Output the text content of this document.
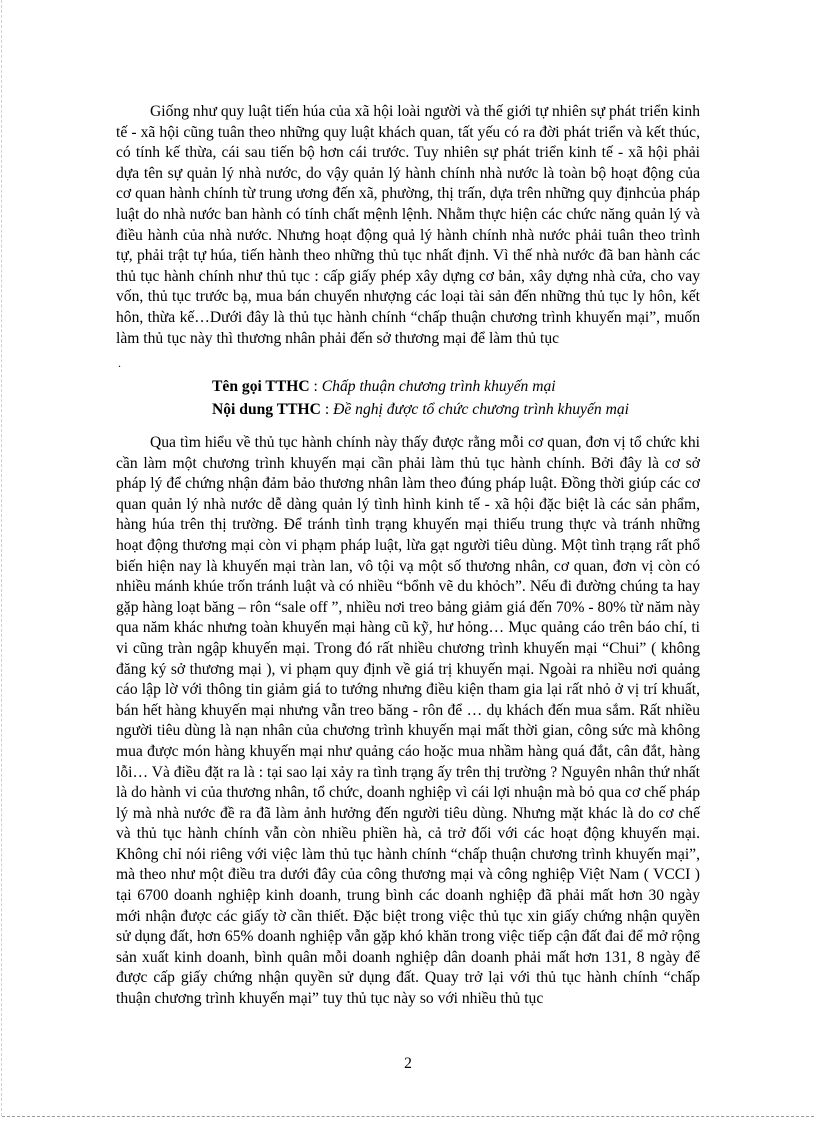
Giống như quy luật tiến húa của xã hội loài người và thế giới tự nhiên sự phát triển kinh tế - xã hội cũng tuân theo những quy luật khách quan, tất yếu có ra đời phát triển và kết thúc, có tính kế thừa, cái sau tiến bộ hơn cái trước. Tuy nhiên sự phát triển kinh tế - xã hội phải dựa tên sự quản lý nhà nước, do vậy quản lý hành chính nhà nước là toàn bộ hoạt động của cơ quan hành chính từ trung ương đến xã, phường, thị trấn, dựa trên những quy địnhcủa pháp luật do nhà nước ban hành có tính chất mệnh lệnh. Nhằm thực hiện các chức năng quản lý và điều hành của nhà nước. Nhưng hoạt động quả lý hành chính nhà nước phải tuân theo trình tự, phải trật tự húa, tiến hành theo những thủ tục nhất định. Vì thế nhà nước đã ban hành các thủ tục hành chính như thủ tục : cấp giấy phép xây dựng cơ bản, xây dựng nhà cửa, cho vay vốn, thủ tục trước bạ, mua bán chuyển nhượng các loại tài sản đến những thủ tục ly hôn, kết hôn, thừa kế…Dưới đây là thủ tục hành chính “chấp thuận chương trình khuyến mại”, muốn làm thủ tục này thì thương nhân phải đến sở thương mại để làm thủ tục

.
Tên gọi TTHC : Chấp thuận chương trình khuyến mại
Nội dung TTHC : Đề nghị được tổ chức chương trình khuyến mại

Qua tìm hiểu về thủ tục hành chính này thấy được rằng mỗi cơ quan, đơn vị tổ chức khi cần làm một chương trình khuyến mại cần phải làm thủ tục hành chính. Bởi đây là cơ sở pháp lý để chứng nhận đảm bảo thương nhân làm theo đúng pháp luật. Đồng thời giúp các cơ quan quản lý nhà nước dễ dàng quản lý tình hình kinh tế - xã hội đặc biệt là các sản phẩm, hàng húa trên thị trường. Để tránh tình trạng khuyến mại thiếu trung thực và tránh những hoạt động thương mại còn vi phạm pháp luật, lừa gạt người tiêu dùng. Một tình trạng rất phổ biến hiện nay là khuyến mại tràn lan, vô tội vạ một số thương nhân, cơ quan, đơn vị còn có nhiều mánh khúe trốn tránh luật và có nhiều “bổnh vẽ du khỏch”. Nếu đi đường chúng ta hay gặp hàng loạt băng – rôn “sale off ”, nhiều nơi treo bảng giảm giá đến 70% - 80% từ năm này qua năm khác nhưng toàn khuyến mại hàng cũ kỹ, hư hỏng… Mục quảng cáo trên báo chí, ti vi cũng tràn ngập khuyến mại. Trong đó rất nhiều chương trình khuyến mại “Chui” ( không đăng ký sở thương mại ), vi phạm quy định về giá trị khuyến mại. Ngoài ra nhiều nơi quảng cáo lập lờ với thông tin giảm giá to tướng nhưng điều kiện tham gia lại rất nhỏ ở vị trí khuất, bán hết hàng khuyến mại nhưng vẫn treo băng - rôn để … dụ khách đến mua sắm. Rất nhiều người tiêu dùng là nạn nhân của chương trình khuyến mại mất thời gian, công sức mà không mua được món hàng khuyến mại như quảng cáo hoặc mua nhầm hàng quá đắt, cân đắt, hàng lỗi… Và điều đặt ra là : tại sao lại xảy ra tình trạng ấy trên thị trường ? Nguyên nhân thứ nhất là do hành vi của thương nhân, tổ chức, doanh nghiệp vì cái lợi nhuận mà bỏ qua cơ chế pháp lý mà nhà nước đề ra đã làm ảnh hưởng đến người tiêu dùng. Nhưng mặt khác là do cơ chế và thủ tục hành chính vẫn còn nhiều phiền hà, cả trở đối với các hoạt động khuyến mại. Không chỉ nói riêng với việc làm thủ tục hành chính “chấp thuận chương trình khuyến mại”, mà theo như một điều tra dưới đây của công thương mại và công nghiệp Việt Nam ( VCCI ) tại 6700 doanh nghiệp kinh doanh, trung bình các doanh nghiệp đã phải mất hơn 30 ngày mới nhận được các giấy tờ cần thiết. Đặc biệt trong việc thủ tục xin giấy chứng nhận quyền sử dụng đất, hơn 65% doanh nghiệp vẫn gặp khó khăn trong việc tiếp cận đất đai để mở rộng sản xuất kinh doanh, bình quân mỗi doanh nghiệp dân doanh phải mất hơn 131, 8 ngày để được cấp giấy chứng nhận quyền sử dụng đất. Quay trở lại với thủ tục hành chính “chấp thuận chương trình khuyến mại” tuy thủ tục này so với nhiều thủ tục

2
